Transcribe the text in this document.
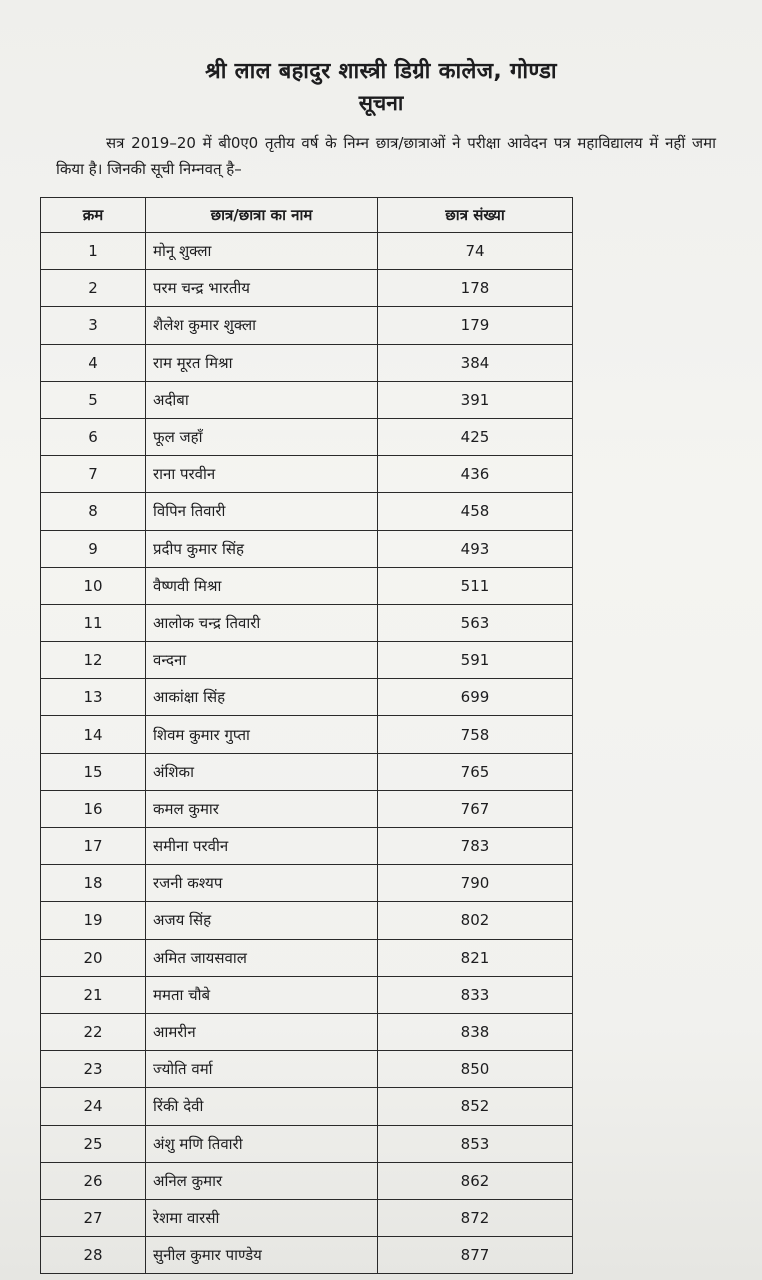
श्री लाल बहादुर शास्त्री डिग्री कालेज, गोण्डा
सूचना
सत्र 2019–20 में बी0ए0 तृतीय वर्ष के निम्न छात्र/छात्राओं ने परीक्षा आवेदन पत्र महाविद्यालय में नहीं जमा किया है। जिनकी सूची निम्नवत् है–
क्रम	छात्र/छात्रा का नाम	छात्र संख्या
1	मोनू शुक्ला	74
2	परम चन्द्र भारतीय	178
3	शैलेश कुमार शुक्ला	179
4	राम मूरत मिश्रा	384
5	अदीबा	391
6	फूल जहाँ	425
7	राना परवीन	436
8	विपिन तिवारी	458
9	प्रदीप कुमार सिंह	493
10	वैष्णवी मिश्रा	511
11	आलोक चन्द्र तिवारी	563
12	वन्दना	591
13	आकांक्षा सिंह	699
14	शिवम कुमार गुप्ता	758
15	अंशिका	765
16	कमल कुमार	767
17	समीना परवीन	783
18	रजनी कश्यप	790
19	अजय सिंह	802
20	अमित जायसवाल	821
21	ममता चौबे	833
22	आमरीन	838
23	ज्योति वर्मा	850
24	रिंकी देवी	852
25	अंशु मणि तिवारी	853
26	अनिल कुमार	862
27	रेशमा वारसी	872
28	सुनील कुमार पाण्डेय	877
